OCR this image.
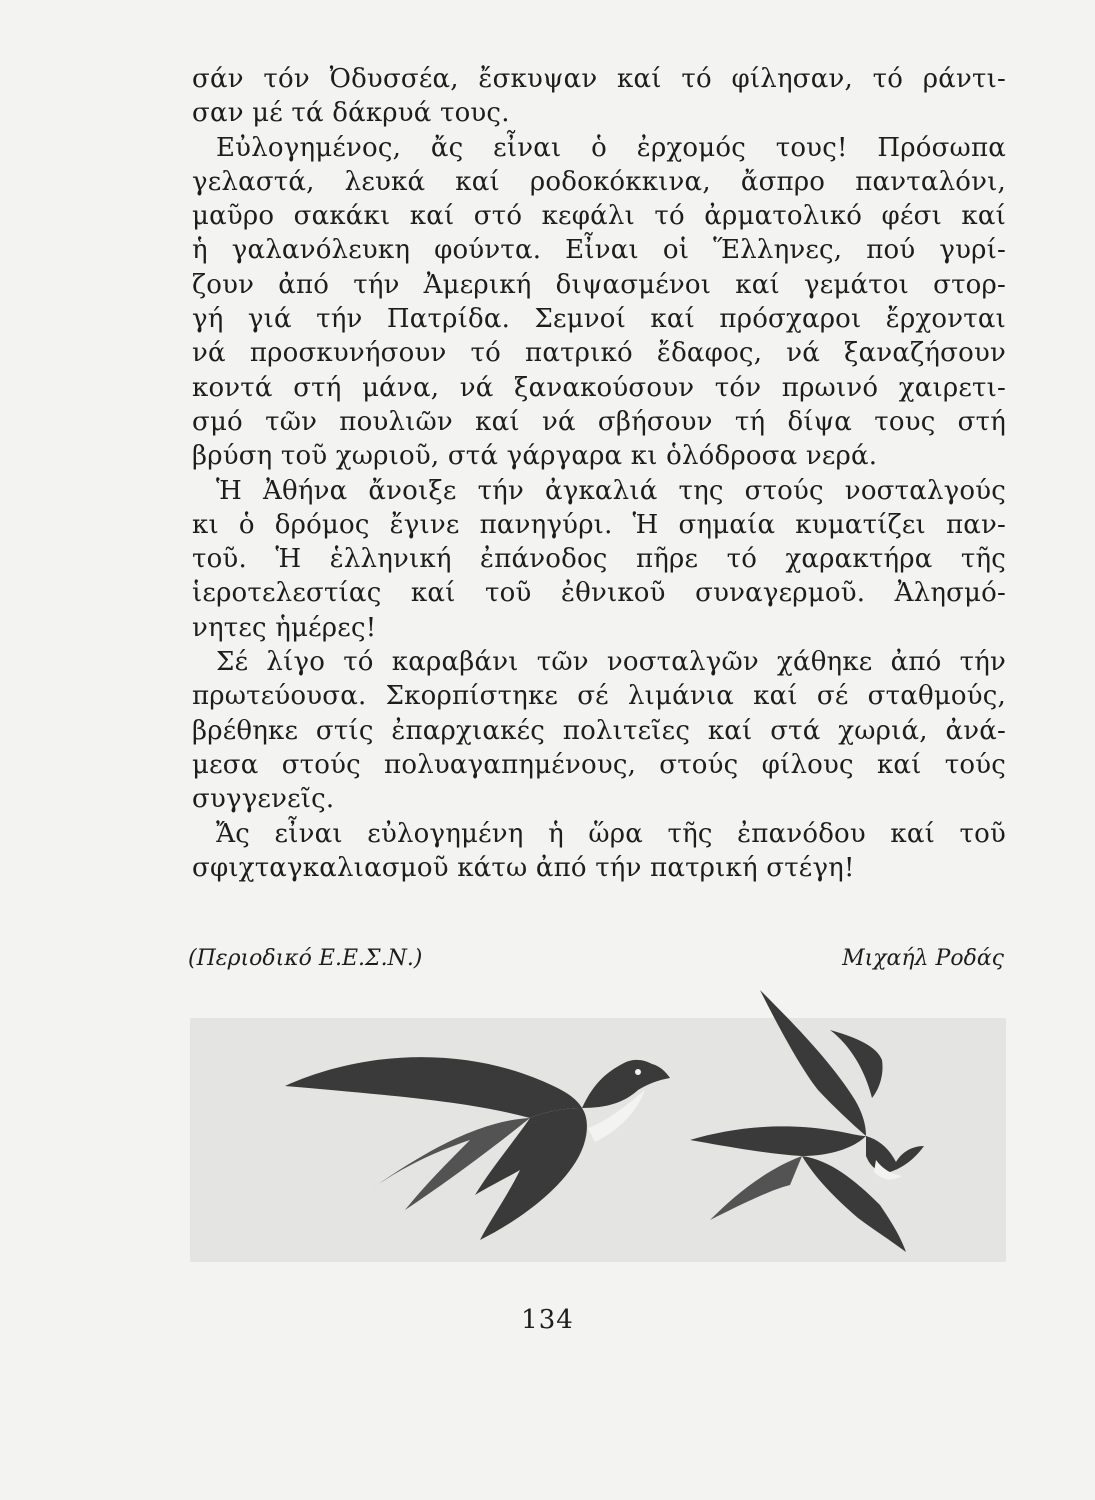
σάν τόν Ὀδυσσέα, ἔσκυψαν καί τό φίλησαν, τό ράντι-
σαν μέ τά δάκρυά τους.
Εὐλογημένος, ἄς εἶναι ὁ ἐρχομός τους! Πρόσωπα
γελαστά, λευκά καί ροδοκόκκινα, ἄσπρο πανταλόνι,
μαῦρο σακάκι καί στό κεφάλι τό ἀρματολικό φέσι καί
ἡ γαλανόλευκη φούντα. Εἶναι οἱ Ἕλληνες, πού γυρί-
ζουν ἀπό τήν Ἀμερική διψασμένοι καί γεμάτοι στορ-
γή γιά τήν Πατρίδα. Σεμνοί καί πρόσχαροι ἔρχονται
νά προσκυνήσουν τό πατρικό ἔδαφος, νά ξαναζήσουν
κοντά στή μάνα, νά ξανακούσουν τόν πρωινό χαιρετι-
σμό τῶν πουλιῶν καί νά σβήσουν τή δίψα τους στή
βρύση τοῦ χωριοῦ, στά γάργαρα κι ὁλόδροσα νερά.
Ἡ Ἀθήνα ἄνοιξε τήν ἀγκαλιά της στούς νοσταλγούς
κι ὁ δρόμος ἔγινε πανηγύρι. Ἡ σημαία κυματίζει παν-
τοῦ. Ἡ ἑλληνική ἐπάνοδος πῆρε τό χαρακτήρα τῆς
ἱεροτελεστίας καί τοῦ ἐθνικοῦ συναγερμοῦ. Ἀλησμό-
νητες ἡμέρες!
Σέ λίγο τό καραβάνι τῶν νοσταλγῶν χάθηκε ἀπό τήν
πρωτεύουσα. Σκορπίστηκε σέ λιμάνια καί σέ σταθμούς,
βρέθηκε στίς ἐπαρχιακές πολιτεῖες καί στά χωριά, ἀνά-
μεσα στούς πολυαγαπημένους, στούς φίλους καί τούς
συγγενεῖς.
Ἄς εἶναι εὐλογημένη ἡ ὥρα τῆς ἐπανόδου καί τοῦ
σφιχταγκαλιασμοῦ κάτω ἀπό τήν πατρική στέγη!
(Περιοδικό Ε.Ε.Σ.Ν.)	Μιχαήλ Ροδάς
134
